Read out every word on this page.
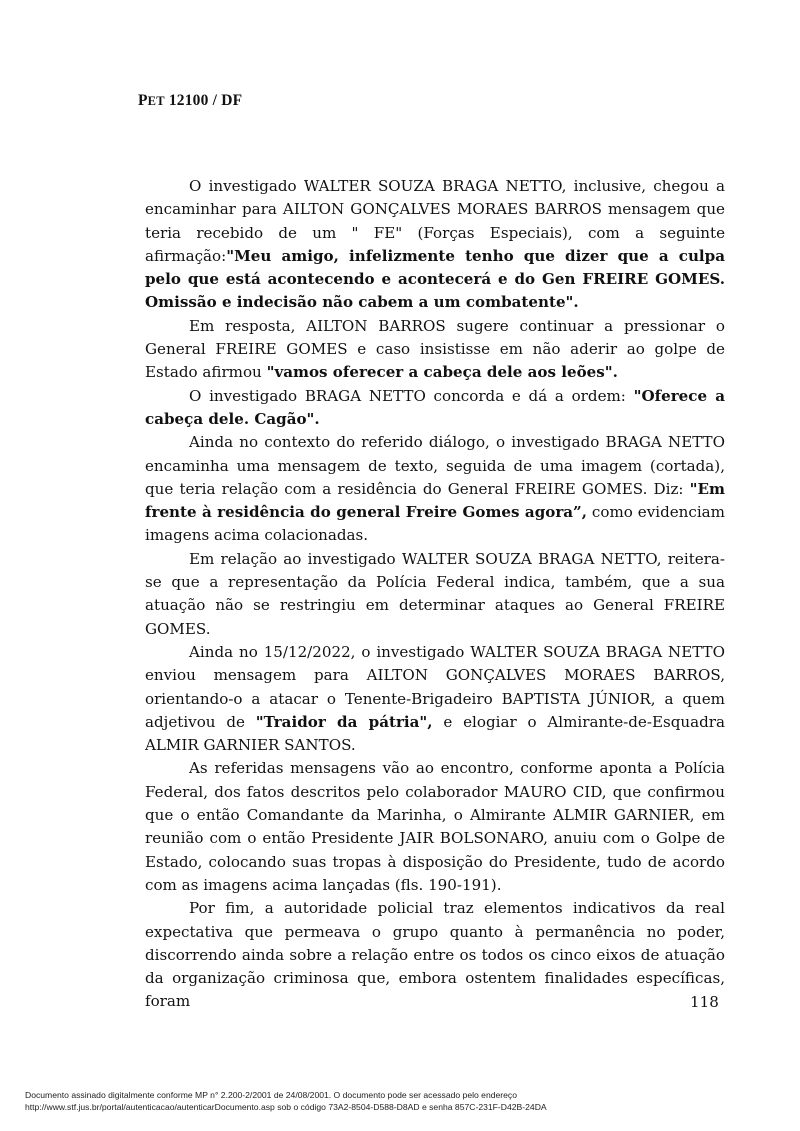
PET 12100 / DF

O investigado WALTER SOUZA BRAGA NETTO, inclusive, chegou a encaminhar para AILTON GONÇALVES MORAES BARROS mensagem que teria recebido de um " FE" (Forças Especiais), com a seguinte afirmação:"Meu amigo, infelizmente tenho que dizer que a culpa pelo que está acontecendo e acontecerá e do Gen FREIRE GOMES. Omissão e indecisão não cabem a um combatente".

Em resposta, AILTON BARROS sugere continuar a pressionar o General FREIRE GOMES e caso insistisse em não aderir ao golpe de Estado afirmou "vamos oferecer a cabeça dele aos leões".

O investigado BRAGA NETTO concorda e dá a ordem: "Oferece a cabeça dele. Cagão".

Ainda no contexto do referido diálogo, o investigado BRAGA NETTO encaminha uma mensagem de texto, seguida de uma imagem (cortada), que teria relação com a residência do General FREIRE GOMES. Diz: "Em frente à residência do general Freire Gomes agora”, como evidenciam imagens acima colacionadas.

Em relação ao investigado WALTER SOUZA BRAGA NETTO, reitera-se que a representação da Polícia Federal indica, também, que a sua atuação não se restringiu em determinar ataques ao General FREIRE GOMES.

Ainda no 15/12/2022, o investigado WALTER SOUZA BRAGA NETTO enviou mensagem para AILTON GONÇALVES MORAES BARROS, orientando-o a atacar o Tenente-Brigadeiro BAPTISTA JÚNIOR, a quem adjetivou de "Traidor da pátria", e elogiar o Almirante-de-Esquadra ALMIR GARNIER SANTOS.

As referidas mensagens vão ao encontro, conforme aponta a Polícia Federal, dos fatos descritos pelo colaborador MAURO CID, que confirmou que o então Comandante da Marinha, o Almirante ALMIR GARNIER, em reunião com o então Presidente JAIR BOLSONARO, anuiu com o Golpe de Estado, colocando suas tropas à disposição do Presidente, tudo de acordo com as imagens acima lançadas (fls. 190-191).

Por fim, a autoridade policial traz elementos indicativos da real expectativa que permeava o grupo quanto à permanência no poder, discorrendo ainda sobre a relação entre os todos os cinco eixos de atuação da organização criminosa que, embora ostentem finalidades específicas, foram	118
Documento assinado digitalmente conforme MP n° 2.200-2/2001 de 24/08/2001. O documento pode ser acessado pelo endereço
http://www.stf.jus.br/portal/autenticacao/autenticarDocumento.asp sob o código 73A2-8504-D588-D8AD e senha 857C-231F-D42B-24DA
